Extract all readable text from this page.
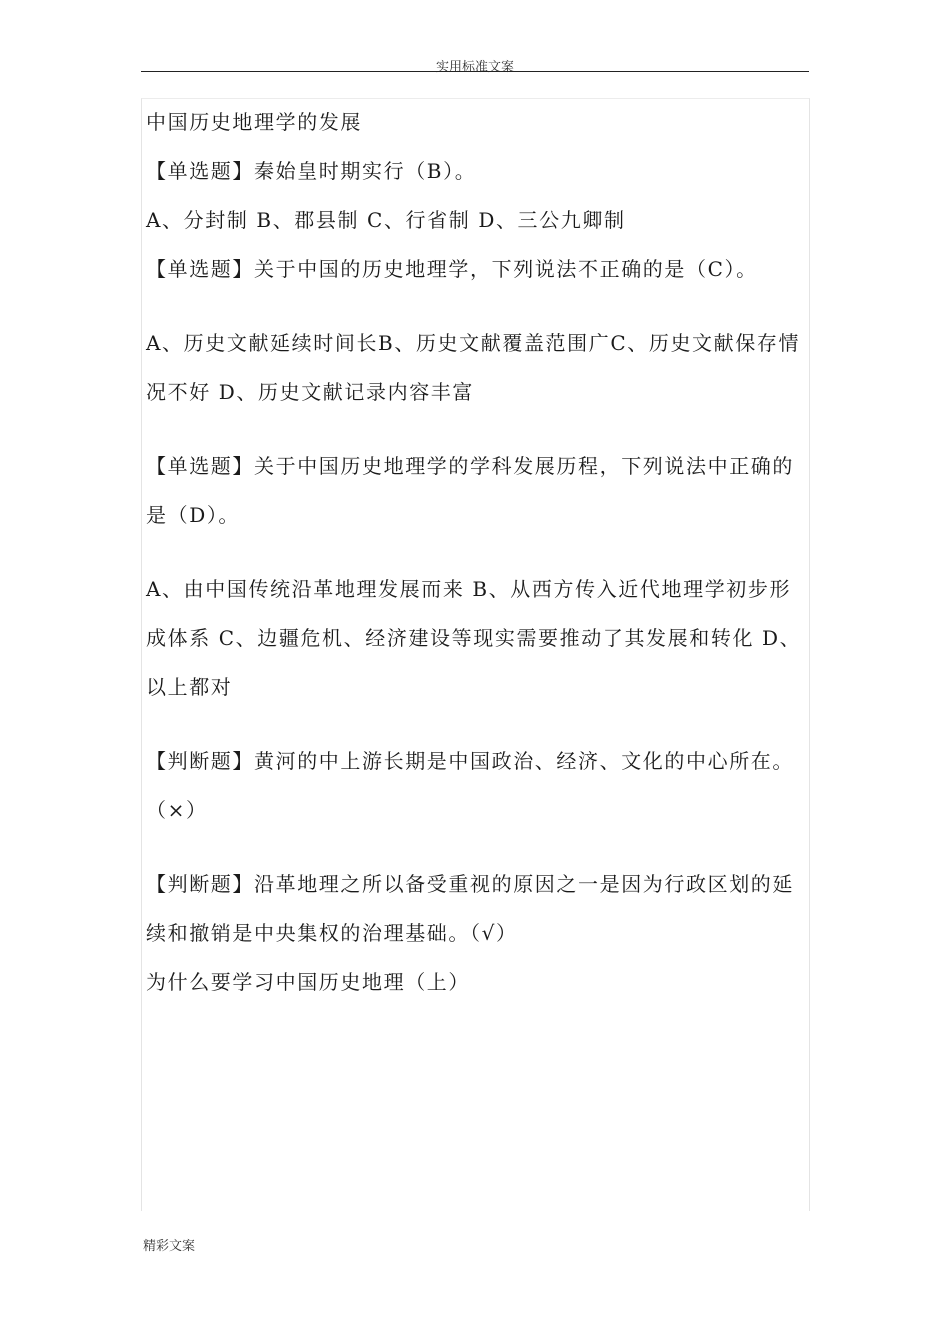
实用标准文案

中国历史地理学的发展

【单选题】秦始皇时期实行（B）。

A、分封制 B、郡县制 C、行省制 D、三公九卿制

【单选题】关于中国的历史地理学，下列说法不正确的是（C）。

A、历史文献延续时间长B、历史文献覆盖范围广C、历史文献保存情

况不好 D、历史文献记录内容丰富

【单选题】关于中国历史地理学的学科发展历程，下列说法中正确的

是（D）。

A、由中国传统沿革地理发展而来 B、从西方传入近代地理学初步形

成体系 C、边疆危机、经济建设等现实需要推动了其发展和转化 D、

以上都对

【判断题】黄河的中上游长期是中国政治、经济、文化的中心所在。

（×）

【判断题】沿革地理之所以备受重视的原因之一是因为行政区划的延

续和撤销是中央集权的治理基础。（√）

为什么要学习中国历史地理（上）

精彩文案
